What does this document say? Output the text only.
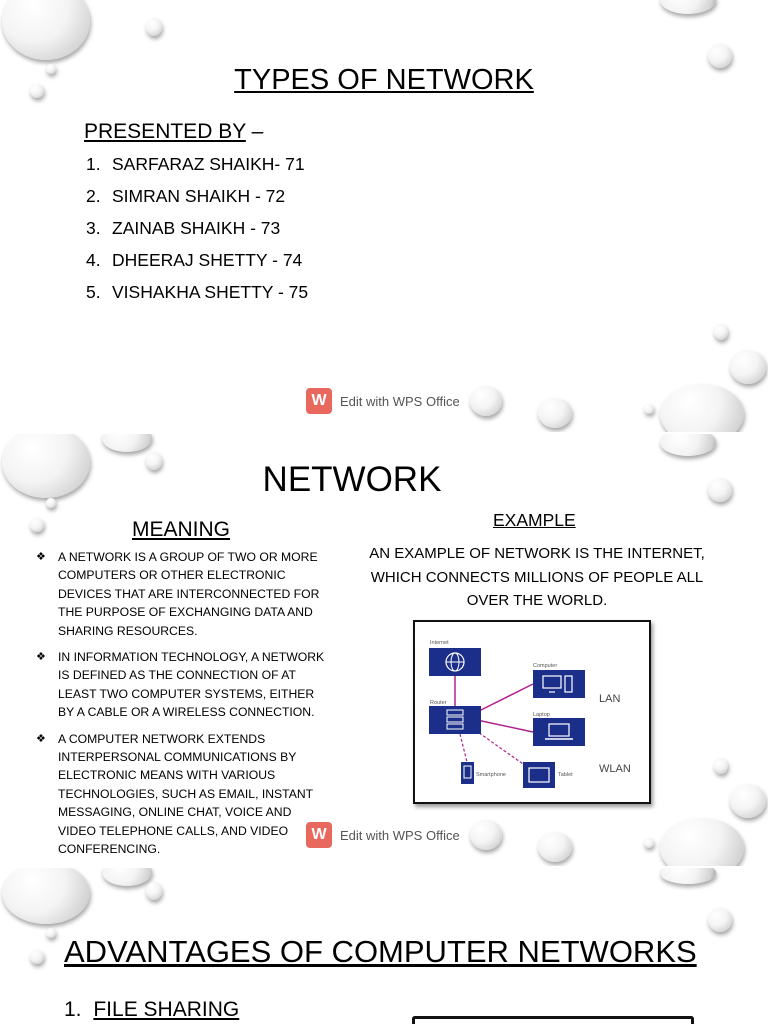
TYPES OF NETWORK
PRESENTED BY –
1. SARFARAZ SHAIKH- 71
2. SIMRAN SHAIKH - 72
3. ZAINAB SHAIKH - 73
4. DHEERAJ SHETTY - 74
5. VISHAKHA SHETTY - 75
W	Edit with WPS Office
NETWORK
MEANING	EXAMPLE
❖ A NETWORK IS A GROUP OF TWO OR MORE COMPUTERS OR OTHER ELECTRONIC DEVICES THAT ARE INTERCONNECTED FOR THE PURPOSE OF EXCHANGING DATA AND SHARING RESOURCES.
❖ IN INFORMATION TECHNOLOGY, A NETWORK IS DEFINED AS THE CONNECTION OF AT LEAST TWO COMPUTER SYSTEMS, EITHER BY A CABLE OR A WIRELESS CONNECTION.
❖ A COMPUTER NETWORK EXTENDS INTERPERSONAL COMMUNICATIONS BY ELECTRONIC MEANS WITH VARIOUS TECHNOLOGIES, SUCH AS EMAIL, INSTANT MESSAGING, ONLINE CHAT, VOICE AND VIDEO TELEPHONE CALLS, AND VIDEO CONFERENCING.
AN EXAMPLE OF NETWORK IS THE INTERNET, WHICH CONNECTS MILLIONS OF PEOPLE ALL OVER THE WORLD.
Internet
Router
Computer
Laptop
Smartphone	Tablet
LAN
WLAN
W	Edit with WPS Office
ADVANTAGES OF COMPUTER NETWORKS
1. FILE SHARING
